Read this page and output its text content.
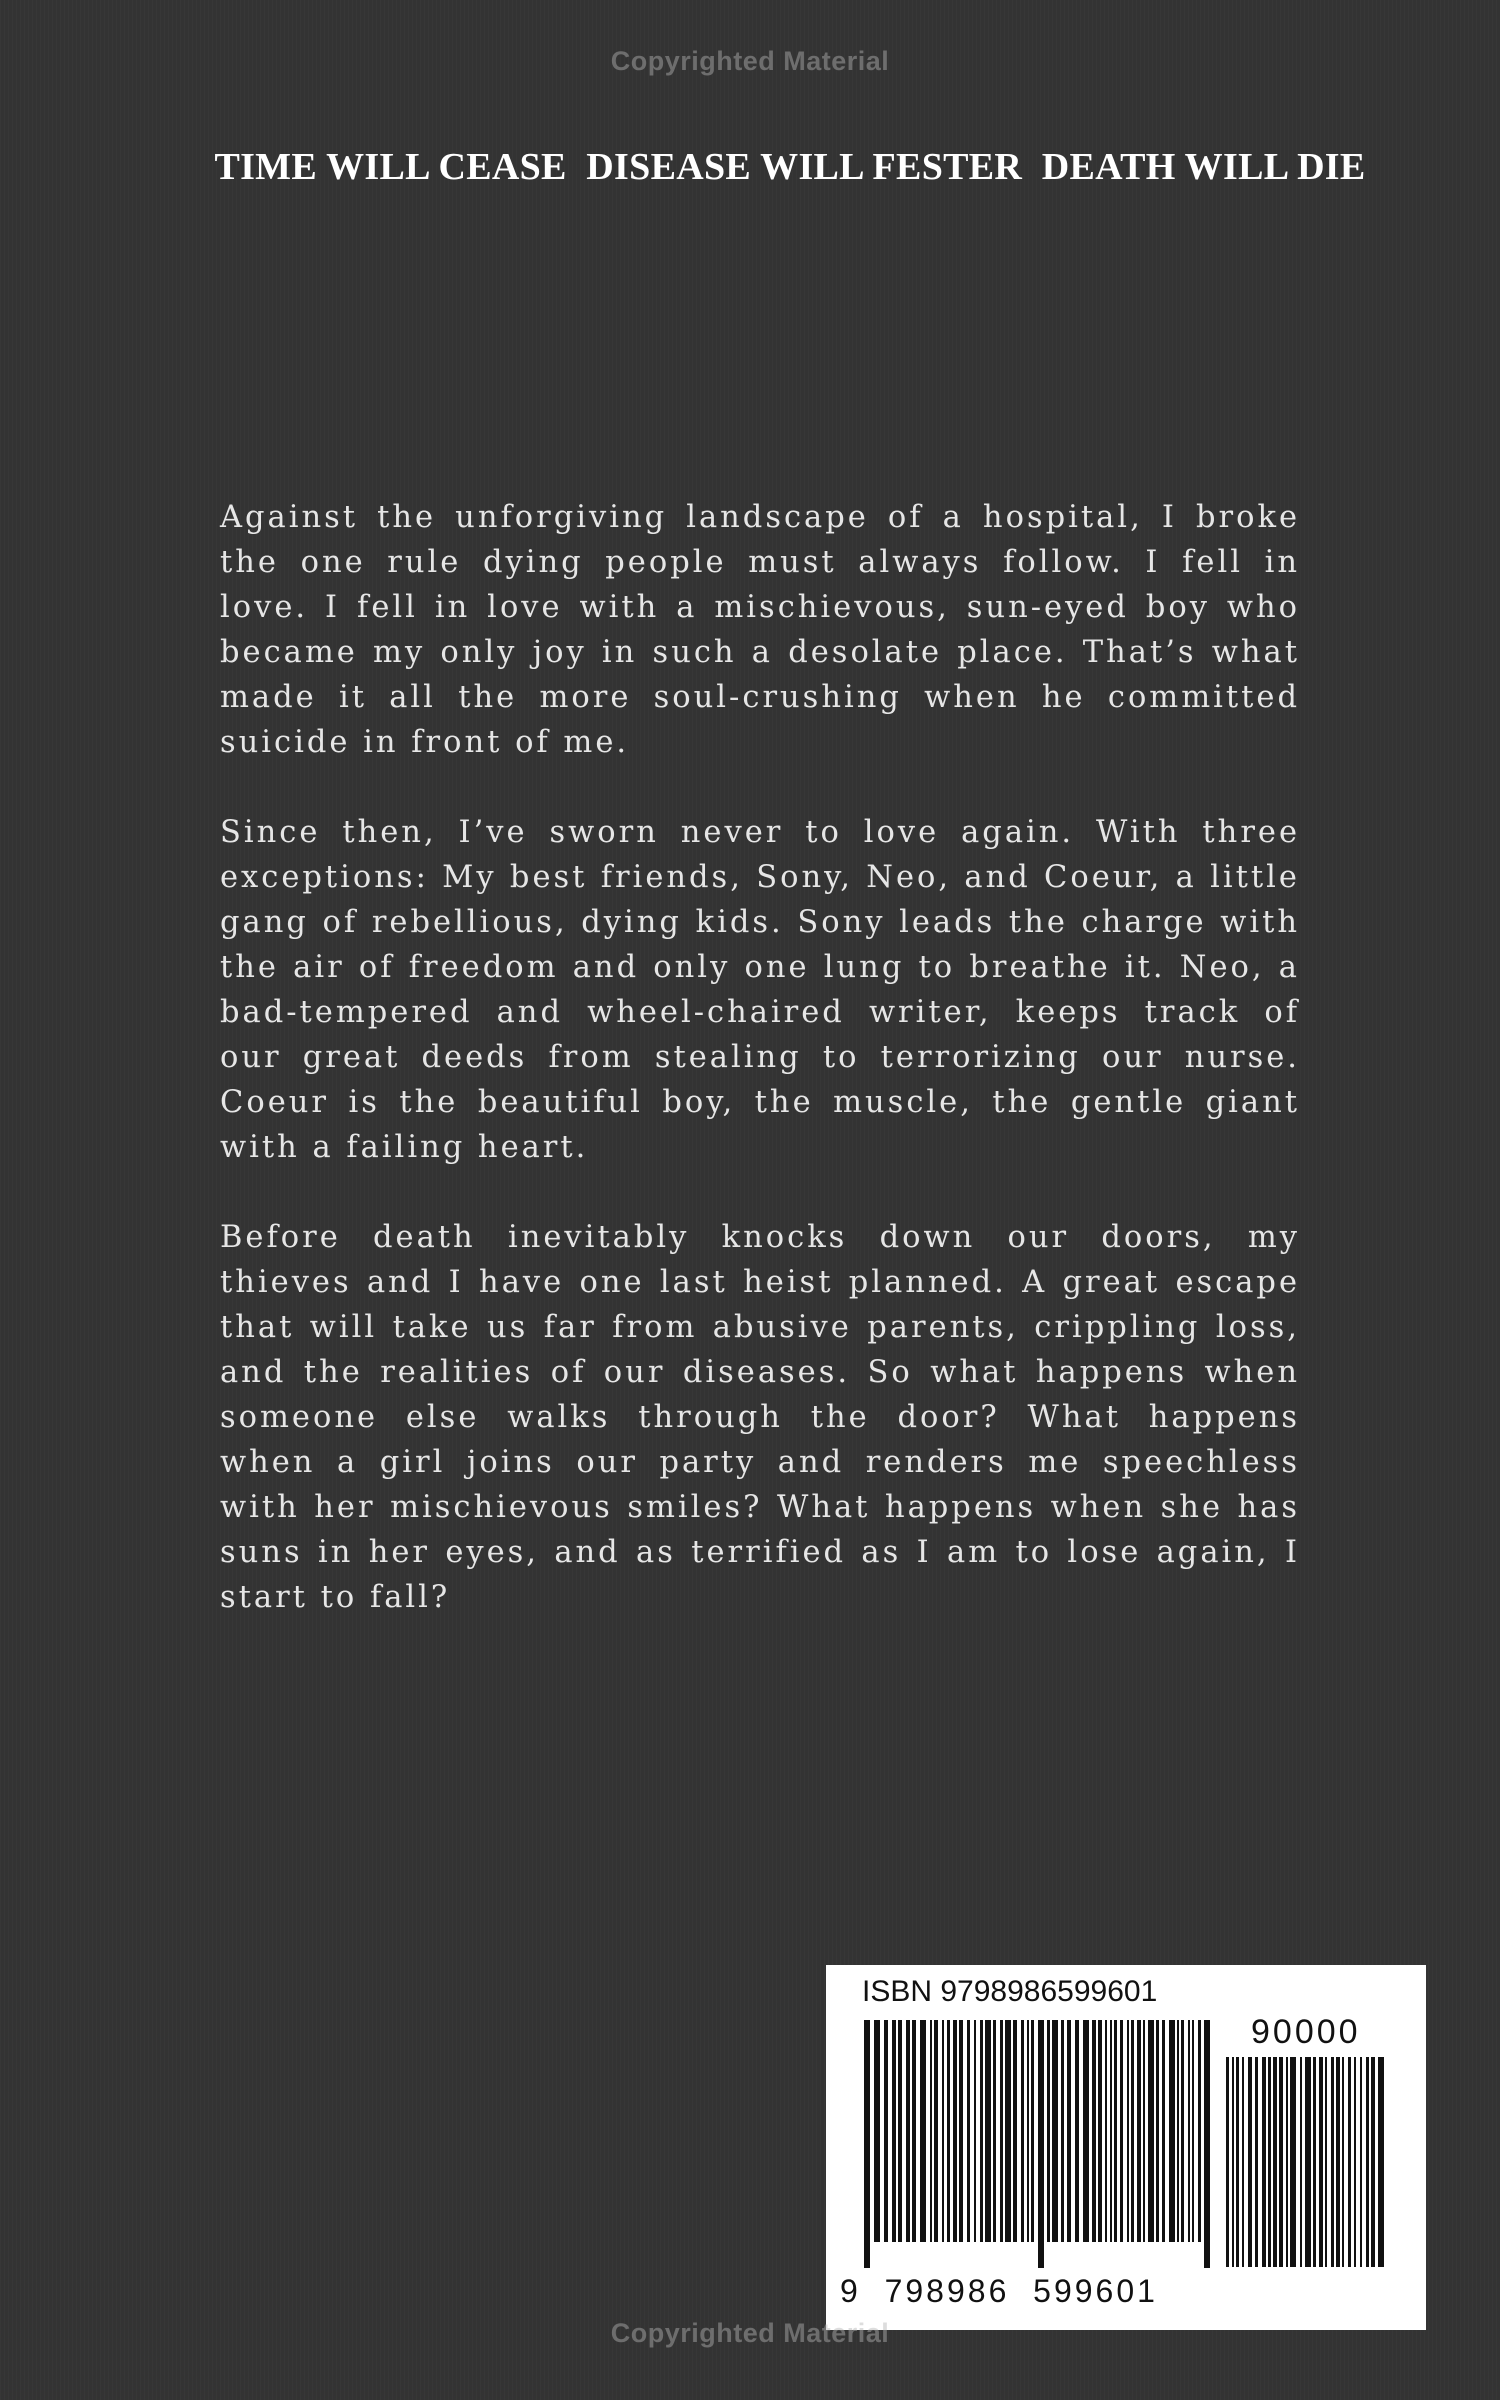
Copyrighted Material
TIME WILL CEASE  DISEASE WILL FESTER  DEATH WILL DIE

Against the unforgiving landscape of a hospital, I broke the one rule dying people must always follow. I fell in love. I fell in love with a mischievous, sun-eyed boy who became my only joy in such a desolate place. That’s what made it all the more soul-crushing when he committed suicide in front of me.

Since then, I’ve sworn never to love again. With three exceptions: My best friends, Sony, Neo, and Coeur, a little gang of rebellious, dying kids. Sony leads the charge with the air of freedom and only one lung to breathe it. Neo, a bad-tempered and wheel-chaired writer, keeps track of our great deeds from stealing to terrorizing our nurse. Coeur is the beautiful boy, the muscle, the gentle giant with a failing heart.

Before death inevitably knocks down our doors, my thieves and I have one last heist planned. A great escape that will take us far from abusive parents, crippling loss, and the realities of our diseases. So what happens when someone else walks through the door? What happens when a girl joins our party and renders me speechless with her mischievous smiles? What happens when she has suns in her eyes, and as terrified as I am to lose again, I start to fall?

ISBN 9798986599601
90000
9  798986  599601
Copyrighted Material
